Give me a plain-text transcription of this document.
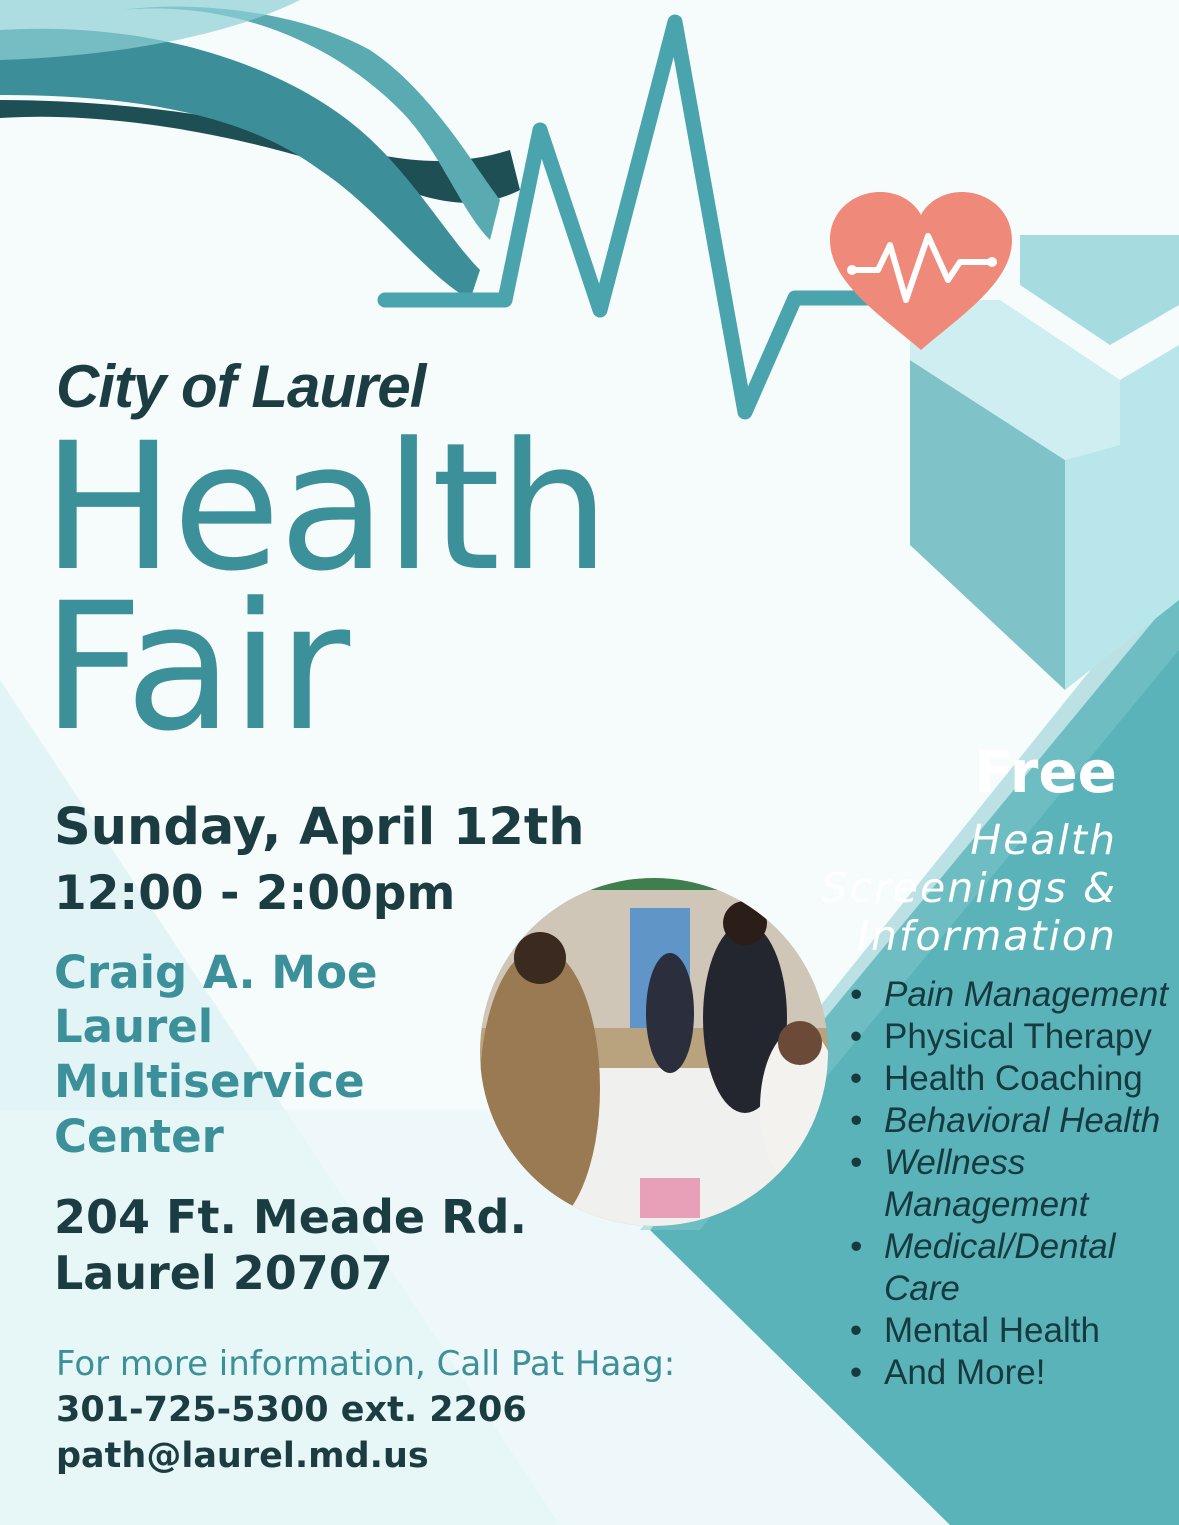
City of Laurel
Health
Fair

Sunday, April 12th

12:00 - 2:00pm

Craig A. Moe

Laurel

Multiservice

Center

204 Ft. Meade Rd.

Laurel 20707

For more information, Call Pat Haag:

301-725-5300 ext. 2206

path@laurel.md.us

Free

Health
Screenings &
Information

• Pain Management
• Physical Therapy
• Health Coaching
• Behavioral Health
• Wellness Management
• Medical/Dental Care
• Mental Health
• And More!
